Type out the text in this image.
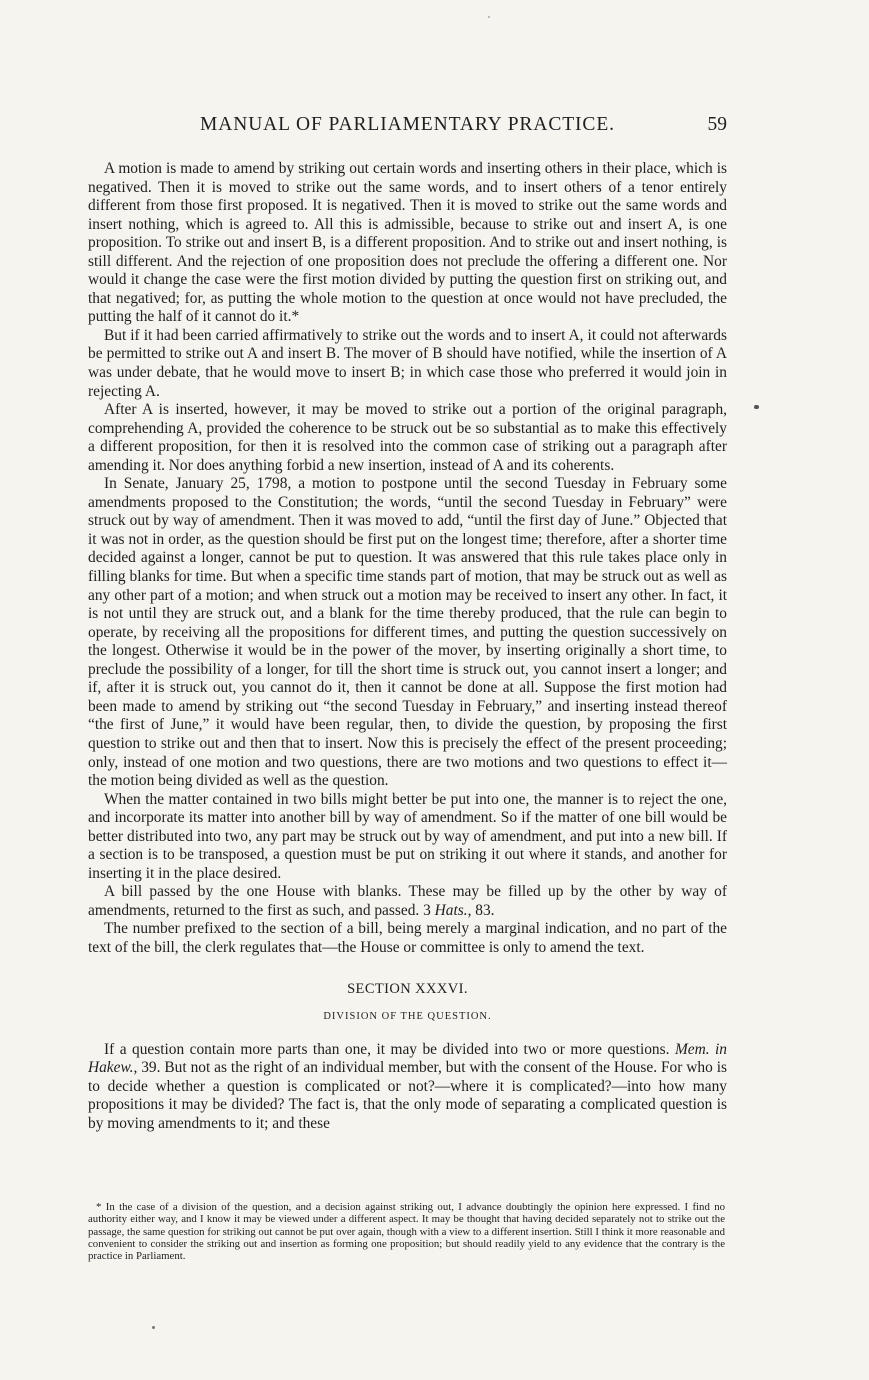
MANUAL OF PARLIAMENTARY PRACTICE.	59

A motion is made to amend by striking out certain words and inserting others in their place, which is negatived. Then it is moved to strike out the same words, and to insert others of a tenor entirely different from those first proposed. It is negatived. Then it is moved to strike out the same words and insert nothing, which is agreed to. All this is admissible, because to strike out and insert A, is one proposition. To strike out and insert B, is a different proposition. And to strike out and insert nothing, is still different. And the rejection of one proposition does not preclude the offering a different one. Nor would it change the case were the first motion divided by putting the question first on striking out, and that negatived; for, as putting the whole motion to the question at once would not have precluded, the putting the half of it cannot do it.*

But if it had been carried affirmatively to strike out the words and to insert A, it could not afterwards be permitted to strike out A and insert B. The mover of B should have notified, while the insertion of A was under debate, that he would move to insert B; in which case those who preferred it would join in rejecting A.

After A is inserted, however, it may be moved to strike out a portion of the original paragraph, comprehending A, provided the coherence to be struck out be so substantial as to make this effectively a different proposition, for then it is resolved into the common case of striking out a paragraph after amending it. Nor does anything forbid a new insertion, instead of A and its coherents.

In Senate, January 25, 1798, a motion to postpone until the second Tuesday in February some amendments proposed to the Constitution; the words, “until the second Tuesday in February” were struck out by way of amendment. Then it was moved to add, “until the first day of June.” Objected that it was not in order, as the question should be first put on the longest time; therefore, after a shorter time decided against a longer, cannot be put to question. It was answered that this rule takes place only in filling blanks for time. But when a specific time stands part of motion, that may be struck out as well as any other part of a motion; and when struck out a motion may be received to insert any other. In fact, it is not until they are struck out, and a blank for the time thereby produced, that the rule can begin to operate, by receiving all the propositions for different times, and putting the question successively on the longest. Otherwise it would be in the power of the mover, by inserting originally a short time, to preclude the possibility of a longer, for till the short time is struck out, you cannot insert a longer; and if, after it is struck out, you cannot do it, then it cannot be done at all. Suppose the first motion had been made to amend by striking out “the second Tuesday in February,” and inserting instead thereof “the first of June,” it would have been regular, then, to divide the question, by proposing the first question to strike out and then that to insert. Now this is precisely the effect of the present proceeding; only, instead of one motion and two questions, there are two motions and two questions to effect it—the motion being divided as well as the question.

When the matter contained in two bills might better be put into one, the manner is to reject the one, and incorporate its matter into another bill by way of amendment. So if the matter of one bill would be better distributed into two, any part may be struck out by way of amendment, and put into a new bill. If a section is to be transposed, a question must be put on striking it out where it stands, and another for inserting it in the place desired.

A bill passed by the one House with blanks. These may be filled up by the other by way of amendments, returned to the first as such, and passed. 3 Hats., 83.

The number prefixed to the section of a bill, being merely a marginal indication, and no part of the text of the bill, the clerk regulates that—the House or committee is only to amend the text.

SECTION XXXVI.
DIVISION OF THE QUESTION.

If a question contain more parts than one, it may be divided into two or more questions. Mem. in Hakew., 39. But not as the right of an individual member, but with the consent of the House. For who is to decide whether a question is complicated or not?—where it is complicated?—into how many propositions it may be divided? The fact is, that the only mode of separating a complicated question is by moving amendments to it; and these

* In the case of a division of the question, and a decision against striking out, I advance doubtingly the opinion here expressed. I find no authority either way, and I know it may be viewed under a different aspect. It may be thought that having decided separately not to strike out the passage, the same question for striking out cannot be put over again, though with a view to a different insertion. Still I think it more reasonable and convenient to consider the striking out and insertion as forming one proposition; but should readily yield to any evidence that the contrary is the practice in Parliament.
